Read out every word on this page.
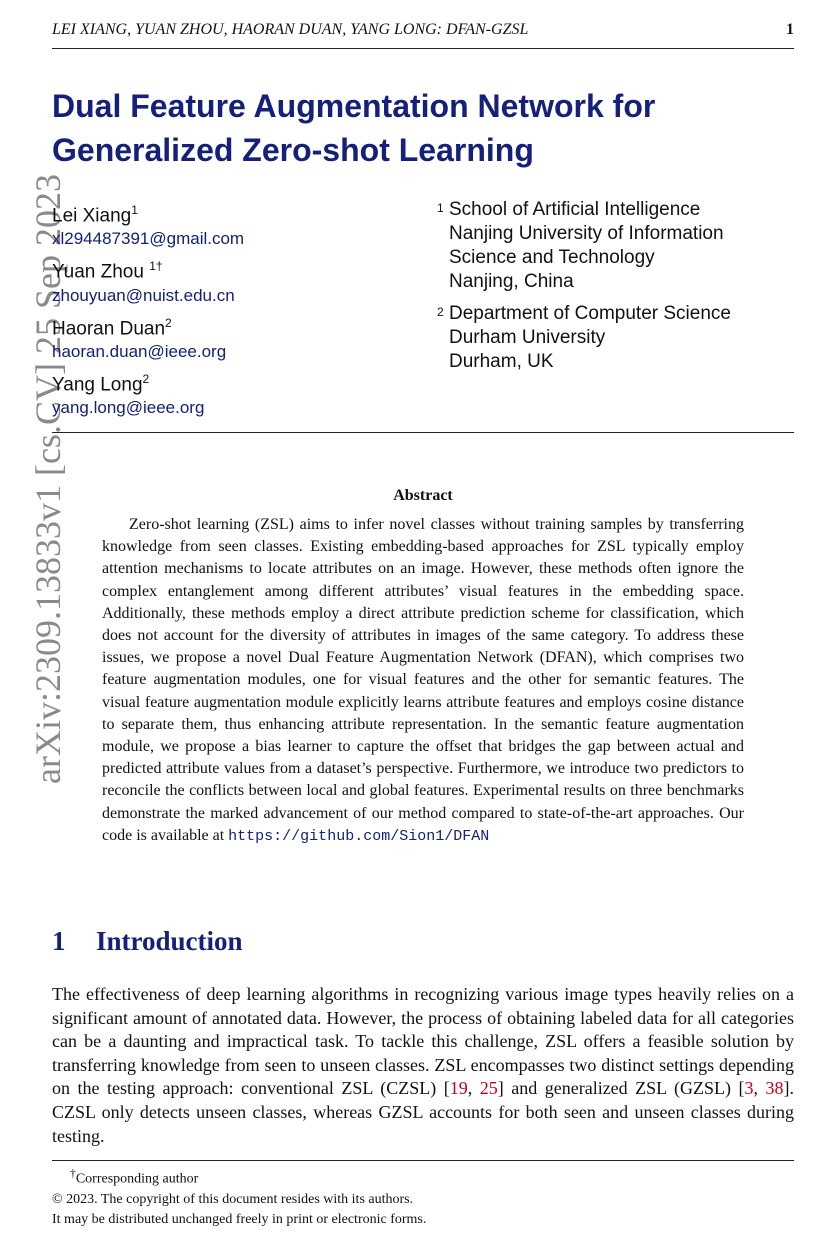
LEI XIANG, YUAN ZHOU, HAORAN DUAN, YANG LONG: DFAN-GZSL	1
arXiv:2309.13833v1 [cs.CV] 25 Sep 2023
Dual Feature Augmentation Network for
Generalized Zero-shot Learning
Lei Xiang$^1$
xl294487391@gmail.com
Yuan Zhou $^{1\dagger}$
zhouyuan@nuist.edu.cn
Haoran Duan$^2$
haoran.duan@ieee.org
Yang Long$^2$
yang.long@ieee.org
1 School of Artificial Intelligence
Nanjing University of Information
Science and Technology
Nanjing, China
2 Department of Computer Science
Durham University
Durham, UK
Abstract
Zero-shot learning (ZSL) aims to infer novel classes without training samples by transferring knowledge from seen classes. Existing embedding-based approaches for ZSL typically employ attention mechanisms to locate attributes on an image. However, these methods often ignore the complex entanglement among different attributes’ visual features in the embedding space. Additionally, these methods employ a direct attribute prediction scheme for classification, which does not account for the diversity of attributes in images of the same category. To address these issues, we propose a novel Dual Feature Augmentation Network (DFAN), which comprises two feature augmentation modules, one for visual features and the other for semantic features. The visual feature augmentation module explicitly learns attribute features and employs cosine distance to separate them, thus enhancing attribute representation. In the semantic feature augmentation module, we propose a bias learner to capture the offset that bridges the gap between actual and predicted attribute values from a dataset’s perspective. Furthermore, we introduce two predictors to reconcile the conflicts between local and global features. Experimental results on three benchmarks demonstrate the marked advancement of our method compared to state-of-the-art approaches. Our code is available at https://github.com/Sion1/DFAN
1 Introduction
The effectiveness of deep learning algorithms in recognizing various image types heavily relies on a significant amount of annotated data. However, the process of obtaining labeled data for all categories can be a daunting and impractical task. To tackle this challenge, ZSL offers a feasible solution by transferring knowledge from seen to unseen classes. ZSL encompasses two distinct settings depending on the testing approach: conventional ZSL (CZSL) [19, 25] and generalized ZSL (GZSL) [3, 38]. CZSL only detects unseen classes, whereas GZSL accounts for both seen and unseen classes during testing.
†Corresponding author
© 2023. The copyright of this document resides with its authors.
It may be distributed unchanged freely in print or electronic forms.
